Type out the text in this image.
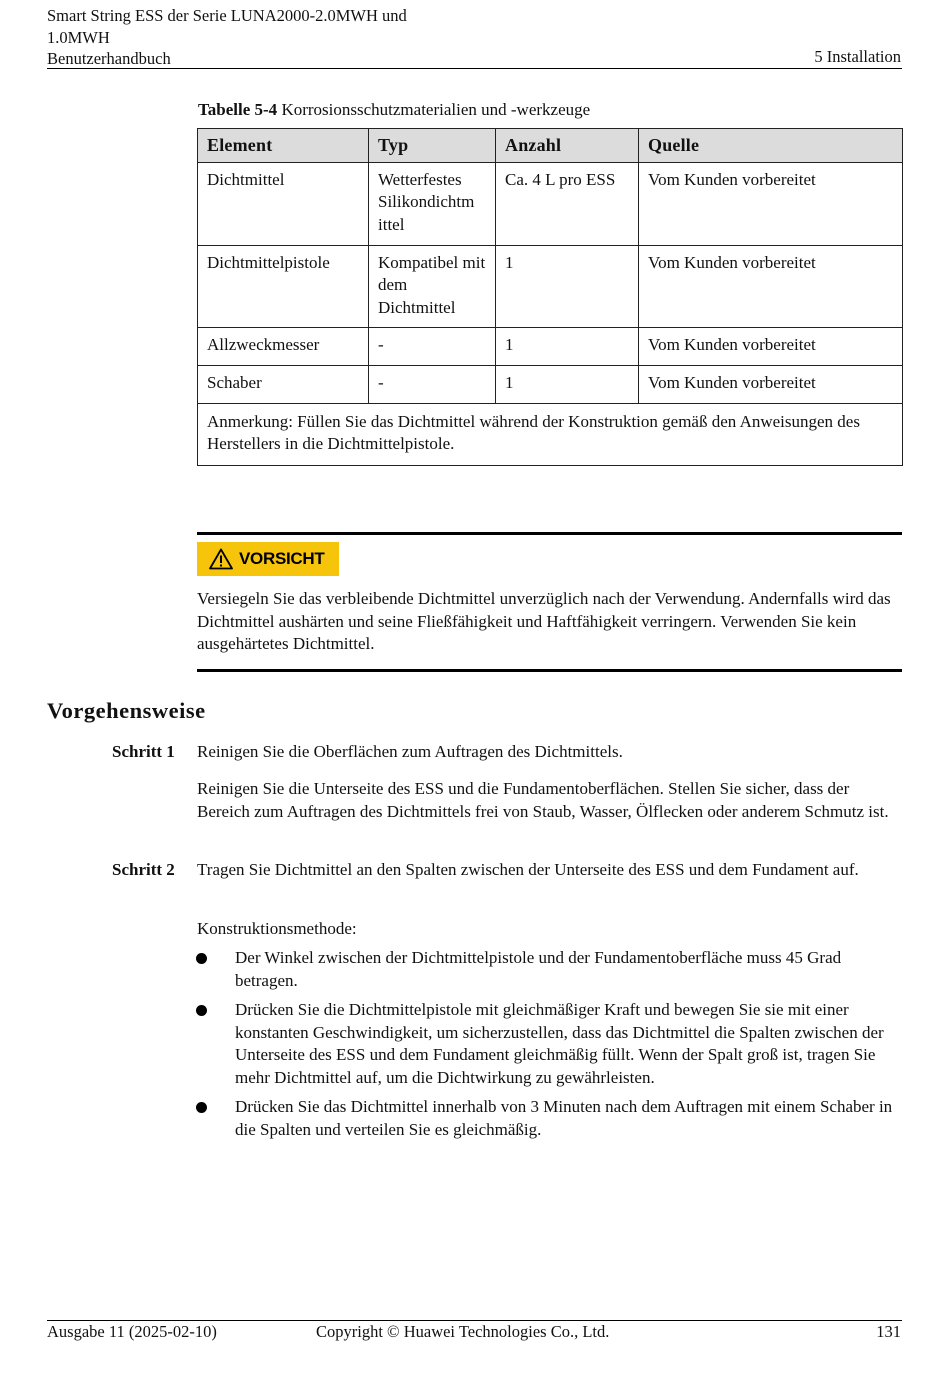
Smart String ESS der Serie LUNA2000-2.0MWH und
1.0MWH
Benutzerhandbuch	5 Installation
Tabelle 5-4 Korrosionsschutzmaterialien und -werkzeuge
Element	Typ	Anzahl	Quelle
Dichtmittel	Wetterfestes Silikondichtm ittel	Ca. 4 L pro ESS	Vom Kunden vorbereitet
Dichtmittelpistole	Kompatibel mit dem Dichtmittel	1	Vom Kunden vorbereitet
Allzweckmesser	-	1	Vom Kunden vorbereitet
Schaber	-	1	Vom Kunden vorbereitet
Anmerkung: Füllen Sie das Dichtmittel während der Konstruktion gemäß den Anweisungen des Herstellers in die Dichtmittelpistole.			
VORSICHT
Versiegeln Sie das verbleibende Dichtmittel unverzüglich nach der Verwendung. Andernfalls wird das Dichtmittel aushärten und seine Fließfähigkeit und Haftfähigkeit verringern. Verwenden Sie kein ausgehärtetes Dichtmittel.
Vorgehensweise
Schritt 1 Reinigen Sie die Oberflächen zum Auftragen des Dichtmittels.
Reinigen Sie die Unterseite des ESS und die Fundamentoberflächen. Stellen Sie sicher, dass der Bereich zum Auftragen des Dichtmittels frei von Staub, Wasser, Ölflecken oder anderem Schmutz ist.
Schritt 2 Tragen Sie Dichtmittel an den Spalten zwischen der Unterseite des ESS und dem Fundament auf.
Konstruktionsmethode:
Der Winkel zwischen der Dichtmittelpistole und der Fundamentoberfläche muss 45 Grad betragen.
Drücken Sie die Dichtmittelpistole mit gleichmäßiger Kraft und bewegen Sie sie mit einer konstanten Geschwindigkeit, um sicherzustellen, dass das Dichtmittel die Spalten zwischen der Unterseite des ESS und dem Fundament gleichmäßig füllt. Wenn der Spalt groß ist, tragen Sie mehr Dichtmittel auf, um die Dichtwirkung zu gewährleisten.
Drücken Sie das Dichtmittel innerhalb von 3 Minuten nach dem Auftragen mit einem Schaber in die Spalten und verteilen Sie es gleichmäßig.
Ausgabe 11 (2025-02-10)	Copyright © Huawei Technologies Co., Ltd.	131
